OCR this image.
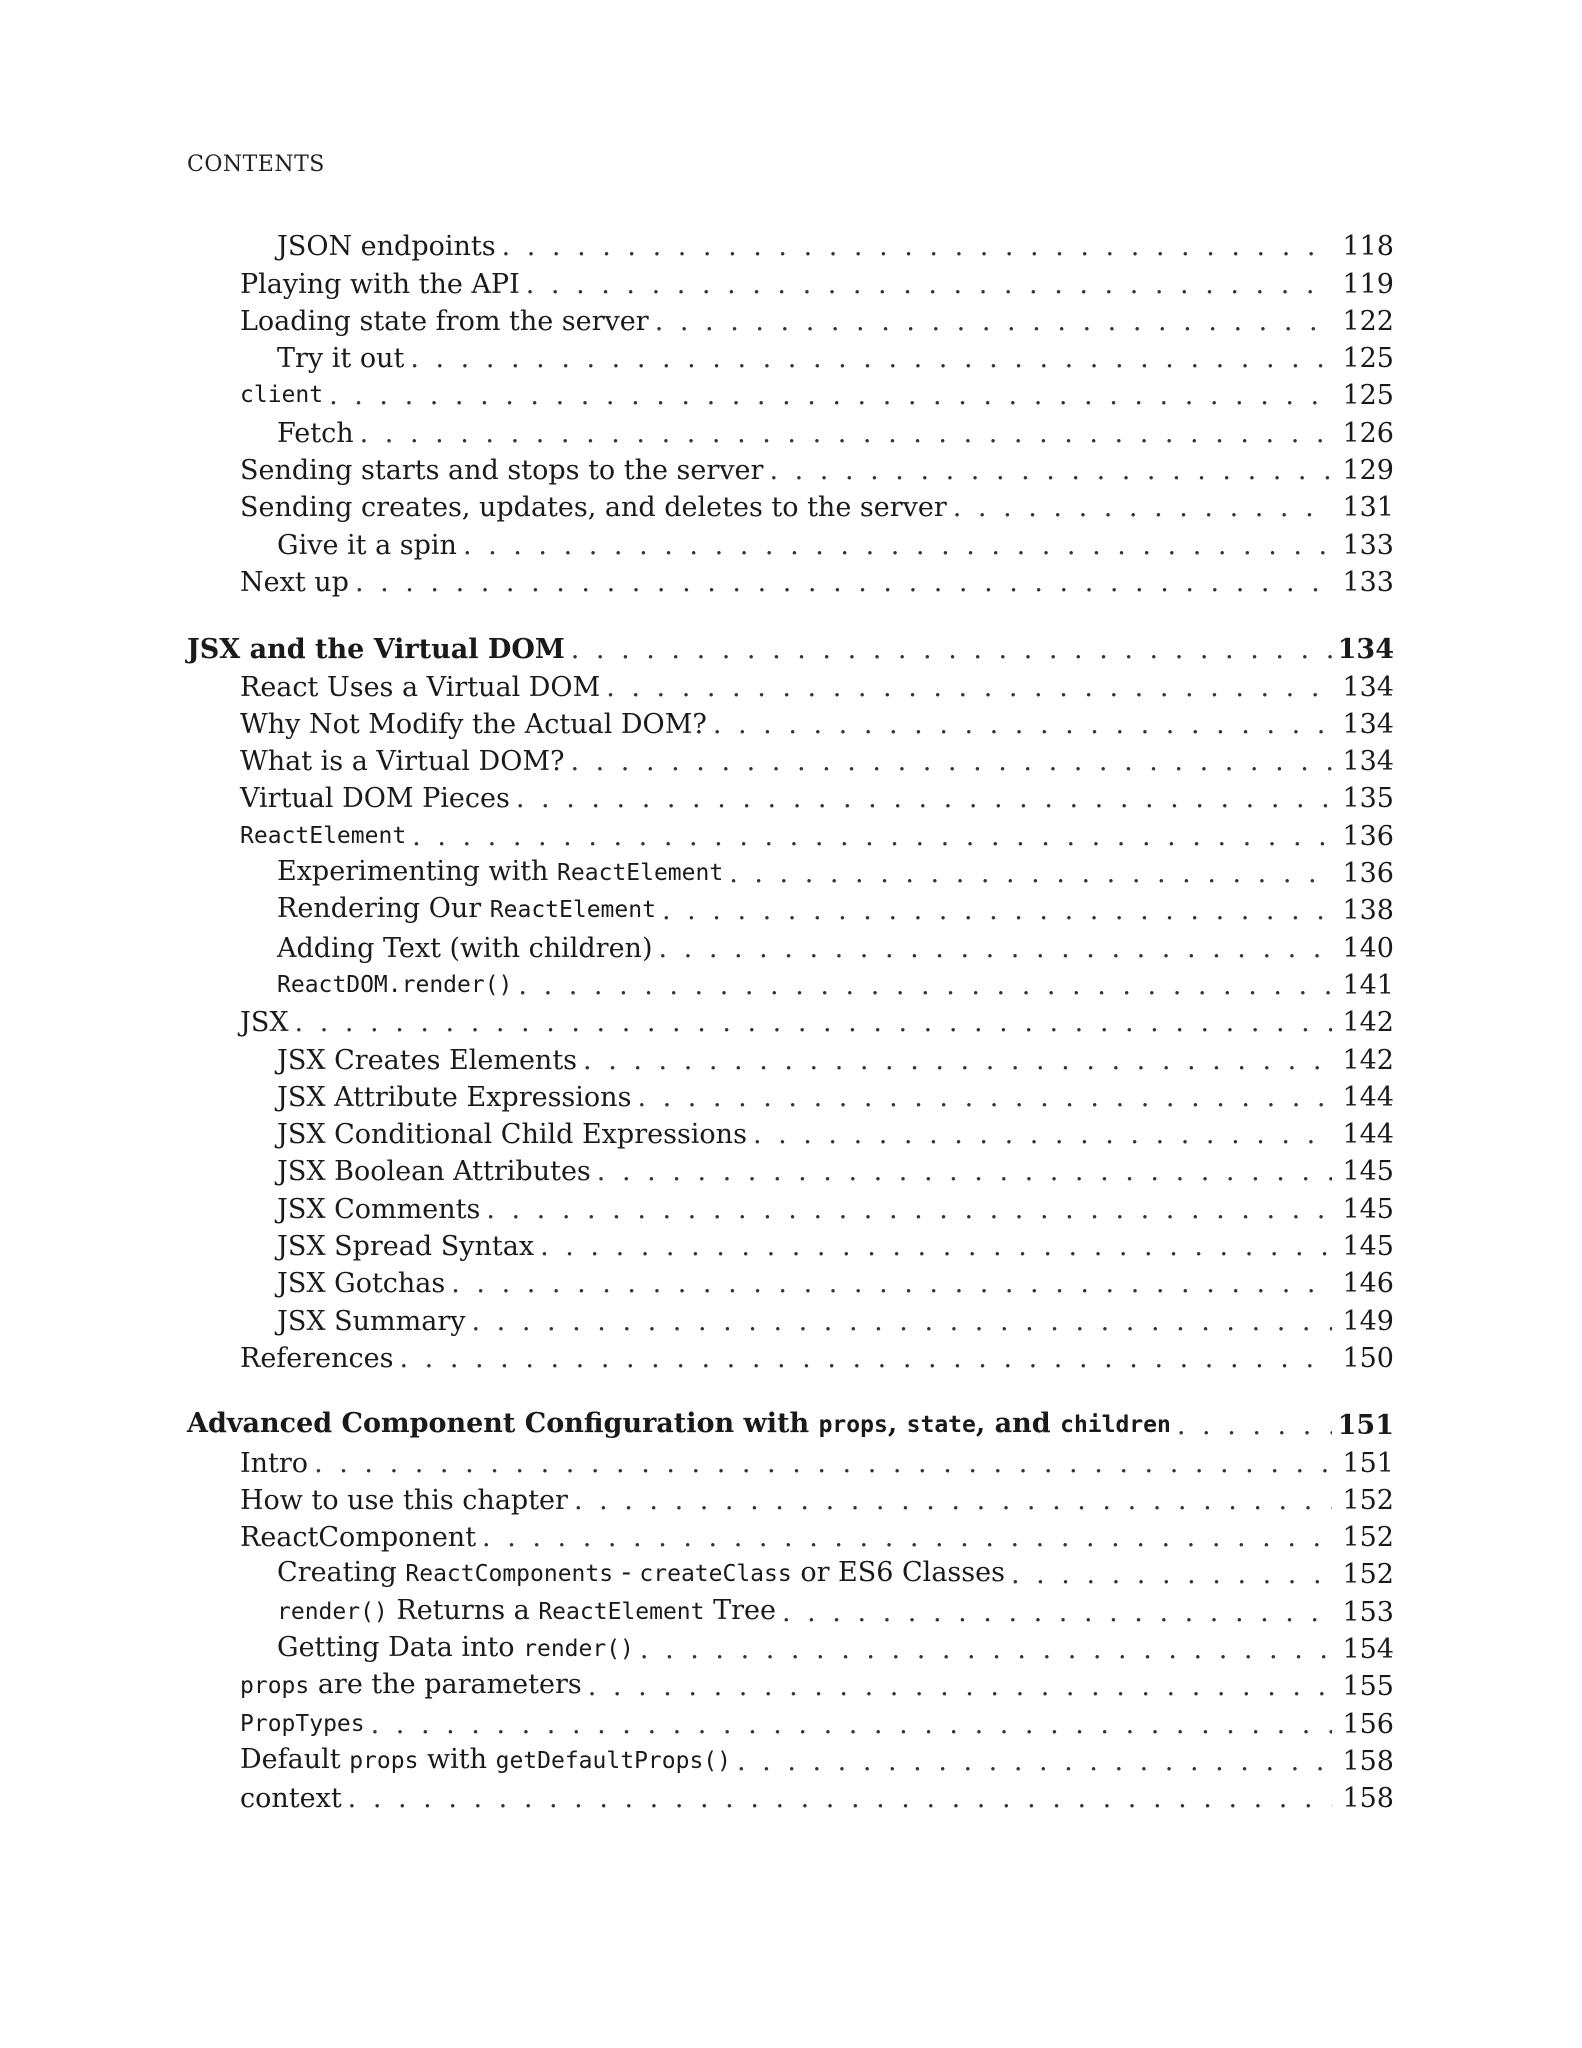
CONTENTS
JSON endpoints . . .	118
Playing with the API . . .	119
Loading state from the server . . .	122
Try it out . . .	125
client . . .	125
Fetch . . .	126
Sending starts and stops to the server . . .	129
Sending creates, updates, and deletes to the server . . .	131
Give it a spin . . .	133
Next up . . .	133
JSX and the Virtual DOM . . .	134
React Uses a Virtual DOM . . .	134
Why Not Modify the Actual DOM? . . .	134
What is a Virtual DOM? . . .	134
Virtual DOM Pieces . . .	135
ReactElement . . .	136
Experimenting with ReactElement . . .	136
Rendering Our ReactElement . . .	138
Adding Text (with children) . . .	140
ReactDOM.render() . . .	141
JSX . . .	142
JSX Creates Elements . . .	142
JSX Attribute Expressions . . .	144
JSX Conditional Child Expressions . . .	144
JSX Boolean Attributes . . .	145
JSX Comments . . .	145
JSX Spread Syntax . . .	145
JSX Gotchas . . .	146
JSX Summary . . .	149
References . . .	150
Advanced Component Configuration with props, state, and children . . .	151
Intro . . .	151
How to use this chapter . . .	152
ReactComponent . . .	152
Creating ReactComponents - createClass or ES6 Classes . . .	152
render() Returns a ReactElement Tree . . .	153
Getting Data into render() . . .	154
props are the parameters . . .	155
PropTypes . . .	156
Default props with getDefaultProps() . . .	158
context . . .	158
